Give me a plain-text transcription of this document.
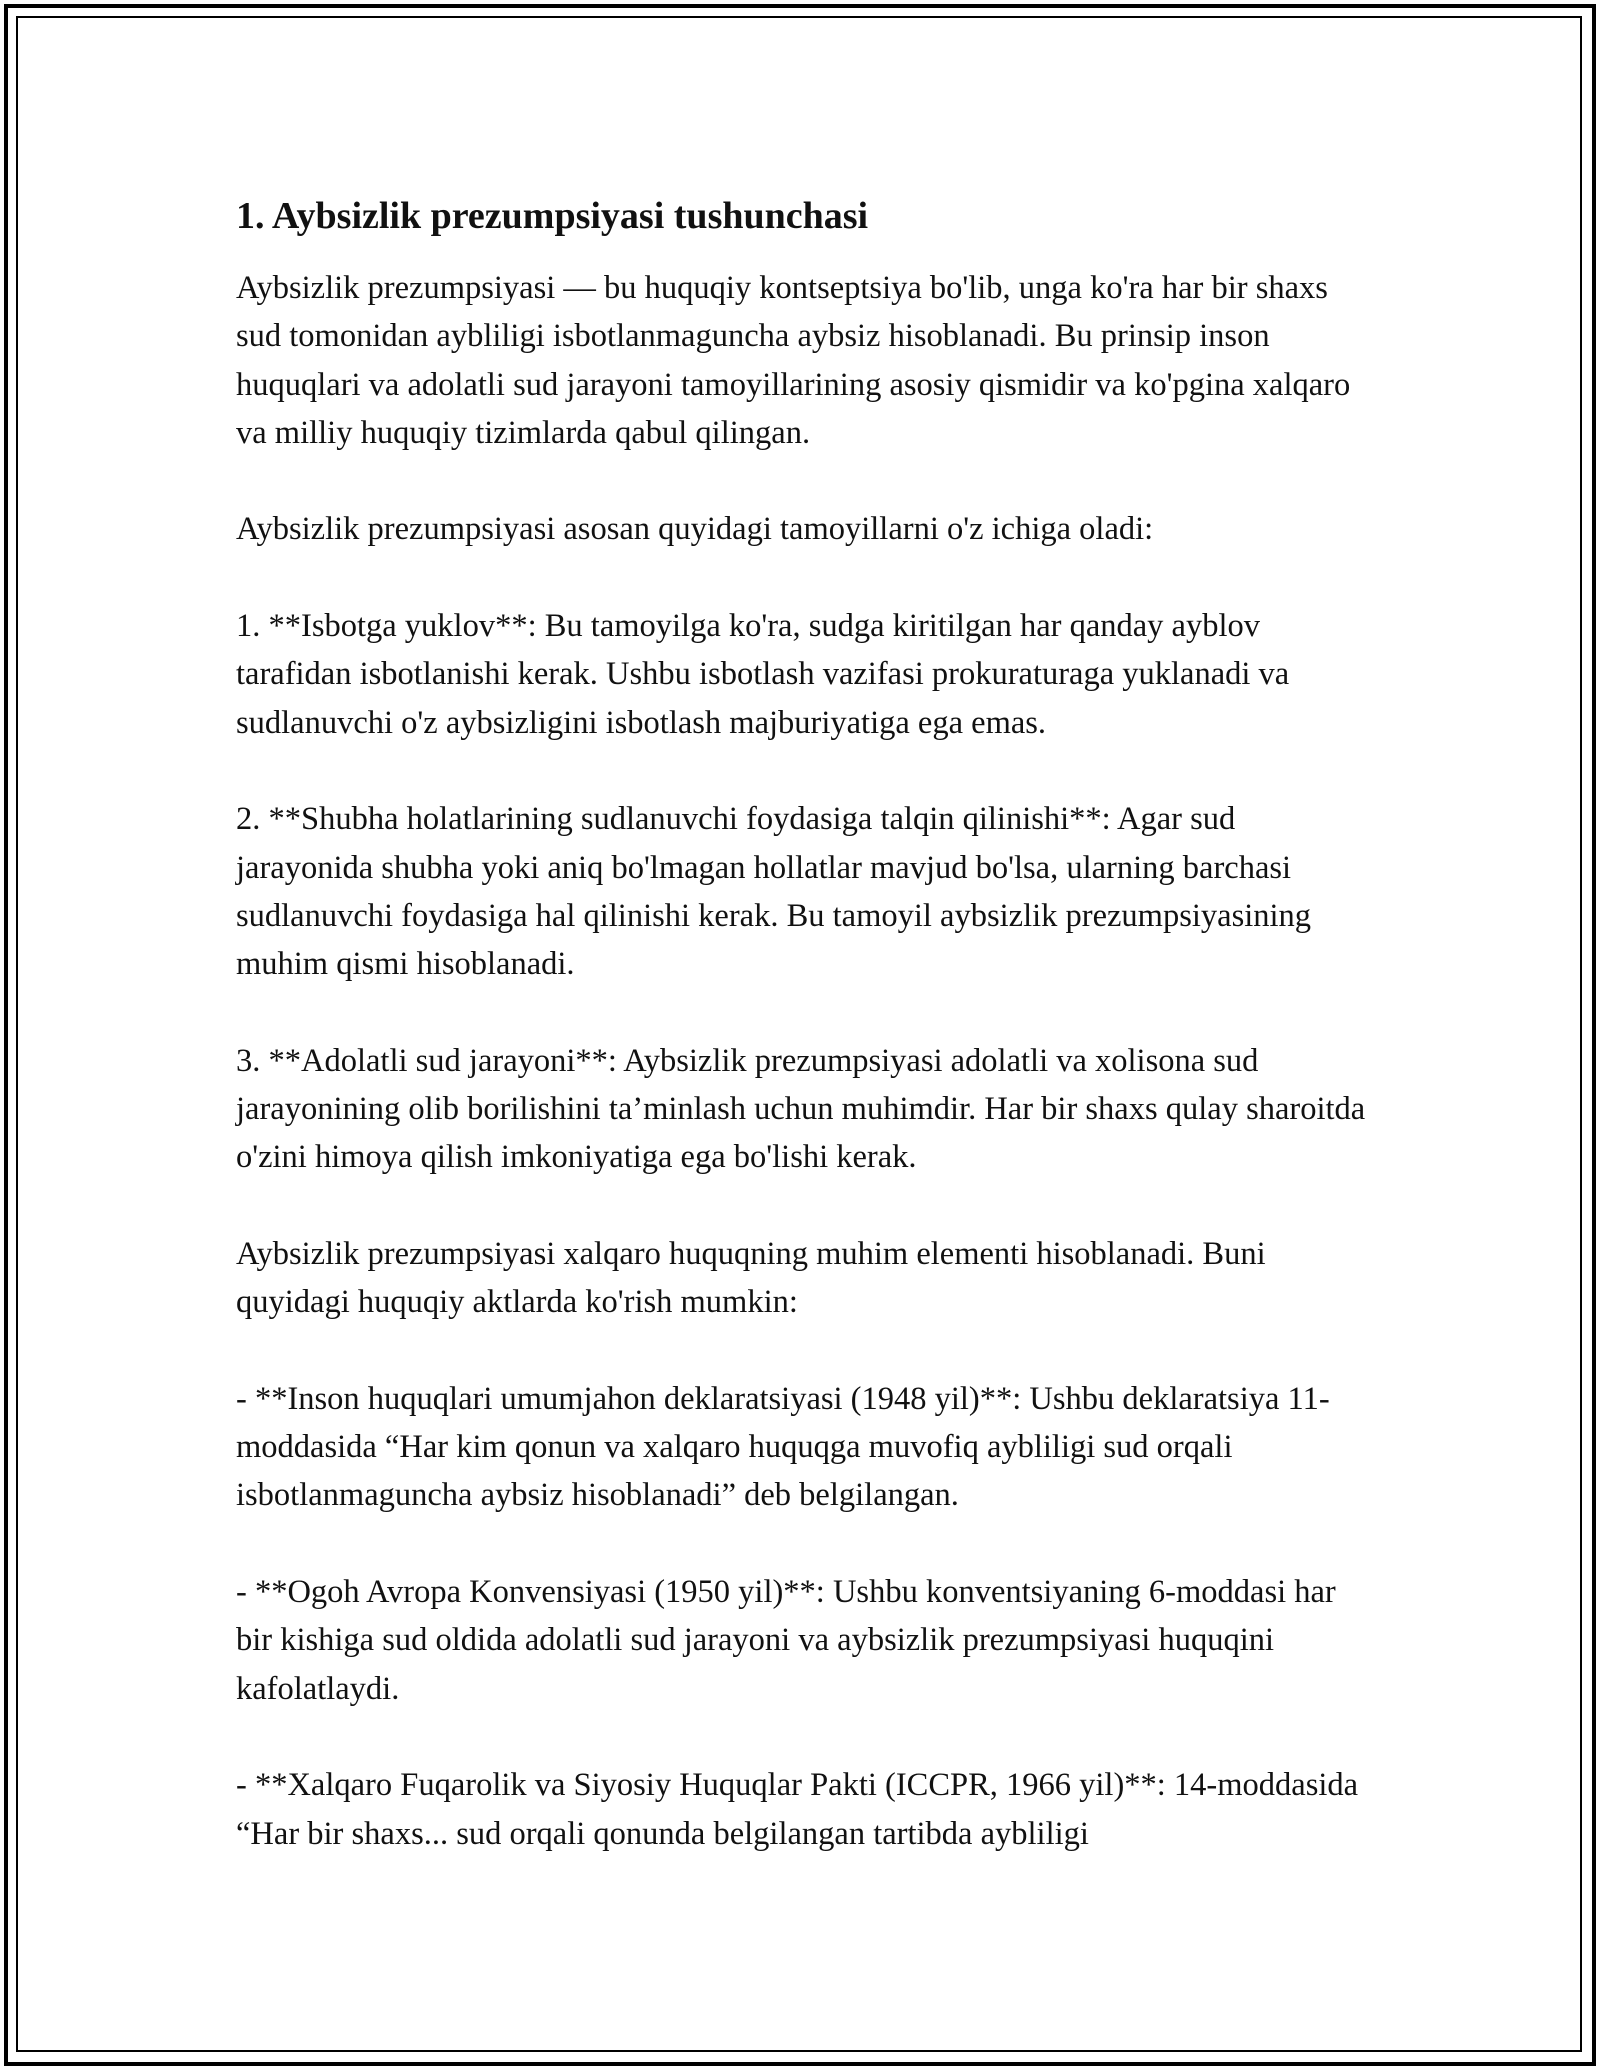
1. Aybsizlik prezumpsiyasi tushunchasi

Aybsizlik prezumpsiyasi — bu huquqiy kontseptsiya bo'lib, unga ko'ra har bir shaxs sud tomonidan aybliligi isbotlanmaguncha aybsiz hisoblanadi. Bu prinsip inson huquqlari va adolatli sud jarayoni tamoyillarining asosiy qismidir va ko'pgina xalqaro va milliy huquqiy tizimlarda qabul qilingan.

Aybsizlik prezumpsiyasi asosan quyidagi tamoyillarni o'z ichiga oladi:

1. **Isbotga yuklov**: Bu tamoyilga ko'ra, sudga kiritilgan har qanday ayblov tarafidan isbotlanishi kerak. Ushbu isbotlash vazifasi prokuraturaga yuklanadi va sudlanuvchi o'z aybsizligini isbotlash majburiyatiga ega emas.

2. **Shubha holatlarining sudlanuvchi foydasiga talqin qilinishi**: Agar sud jarayonida shubha yoki aniq bo'lmagan hollatlar mavjud bo'lsa, ularning barchasi sudlanuvchi foydasiga hal qilinishi kerak. Bu tamoyil aybsizlik prezumpsiyasining muhim qismi hisoblanadi.

3. **Adolatli sud jarayoni**: Aybsizlik prezumpsiyasi adolatli va xolisona sud jarayonining olib borilishini ta’minlash uchun muhimdir. Har bir shaxs qulay sharoitda o'zini himoya qilish imkoniyatiga ega bo'lishi kerak.

Aybsizlik prezumpsiyasi xalqaro huquqning muhim elementi hisoblanadi. Buni quyidagi huquqiy aktlarda ko'rish mumkin:

- **Inson huquqlari umumjahon deklaratsiyasi (1948 yil)**: Ushbu deklaratsiya 11-moddasida “Har kim qonun va xalqaro huquqga muvofiq aybliligi sud orqali isbotlanmaguncha aybsiz hisoblanadi” deb belgilangan.

- **Ogoh Avropa Konvensiyasi (1950 yil)**: Ushbu konventsiyaning 6-moddasi har bir kishiga sud oldida adolatli sud jarayoni va aybsizlik prezumpsiyasi huquqini kafolatlaydi.

- **Xalqaro Fuqarolik va Siyosiy Huquqlar Pakti (ICCPR, 1966 yil)**: 14-moddasida “Har bir shaxs... sud orqali qonunda belgilangan tartibda aybliligi
